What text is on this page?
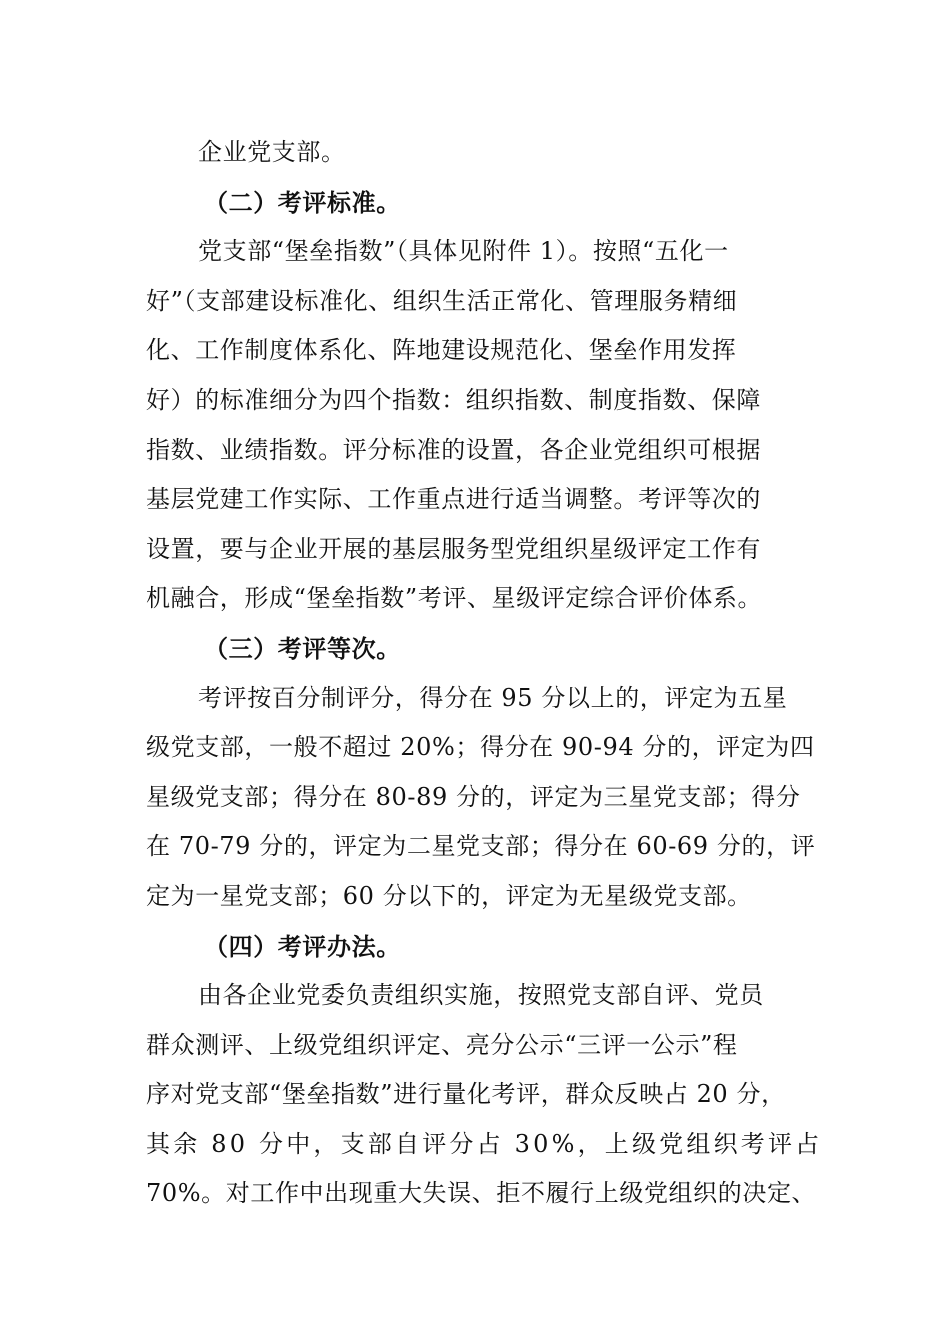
企业党支部。
（二）考评标准。
党支部“堡垒指数”（具体见附件 1）。按照“五化一
好”（支部建设标准化、组织生活正常化、管理服务精细
化、工作制度体系化、阵地建设规范化、堡垒作用发挥
好）的标准细分为四个指数：组织指数、制度指数、保障
指数、业绩指数。评分标准的设置，各企业党组织可根据
基层党建工作实际、工作重点进行适当调整。考评等次的
设置，要与企业开展的基层服务型党组织星级评定工作有
机融合，形成“堡垒指数”考评、星级评定综合评价体系。
（三）考评等次。
考评按百分制评分，得分在 95 分以上的，评定为五星
级党支部，一般不超过 20%；得分在 90-94 分的，评定为四
星级党支部；得分在 80-89 分的，评定为三星党支部；得分
在 70-79 分的，评定为二星党支部；得分在 60-69 分的，评
定为一星党支部；60 分以下的，评定为无星级党支部。
（四）考评办法。
由各企业党委负责组织实施，按照党支部自评、党员
群众测评、上级党组织评定、亮分公示“三评一公示”程
序对党支部“堡垒指数”进行量化考评，群众反映占 20 分，
其余 80 分中，支部自评分占 30%，上级党组织考评占
70%。对工作中出现重大失误、拒不履行上级党组织的决定、
